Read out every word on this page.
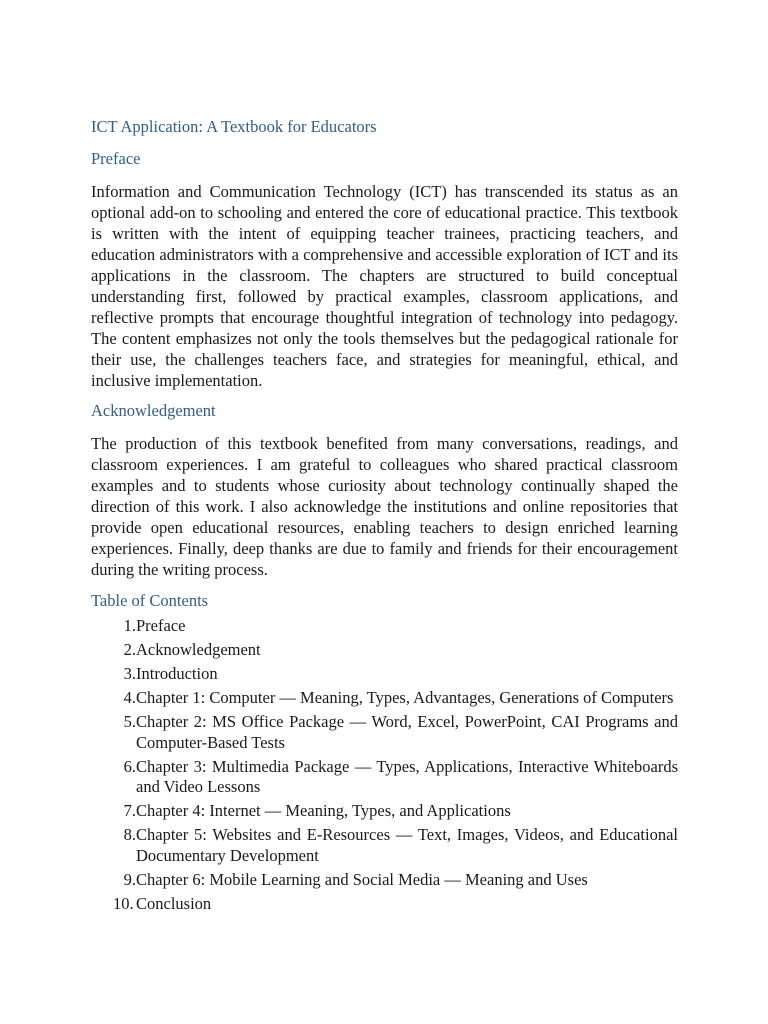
ICT Application: A Textbook for Educators
Preface

Information and Communication Technology (ICT) has transcended its status as an optional add-on to schooling and entered the core of educational practice. This textbook is written with the intent of equipping teacher trainees, practicing teachers, and education administrators with a comprehensive and accessible exploration of ICT and its applications in the classroom. The chapters are structured to build conceptual understanding first, followed by practical examples, classroom applications, and reflective prompts that encourage thoughtful integration of technology into pedagogy. The content emphasizes not only the tools themselves but the pedagogical rationale for their use, the challenges teachers face, and strategies for meaningful, ethical, and inclusive implementation.

Acknowledgement

The production of this textbook benefited from many conversations, readings, and classroom experiences. I am grateful to colleagues who shared practical classroom examples and to students whose curiosity about technology continually shaped the direction of this work. I also acknowledge the institutions and online repositories that provide open educational resources, enabling teachers to design enriched learning experiences. Finally, deep thanks are due to family and friends for their encouragement during the writing process.

Table of Contents
1. Preface
2. Acknowledgement
3. Introduction
4. Chapter 1: Computer — Meaning, Types, Advantages, Generations of Computers
5. Chapter 2: MS Office Package — Word, Excel, PowerPoint, CAI Programs and Computer-Based Tests
6. Chapter 3: Multimedia Package — Types, Applications, Interactive Whiteboards and Video Lessons
7. Chapter 4: Internet — Meaning, Types, and Applications
8. Chapter 5: Websites and E-Resources — Text, Images, Videos, and Educational Documentary Development
9. Chapter 6: Mobile Learning and Social Media — Meaning and Uses
10. Conclusion
